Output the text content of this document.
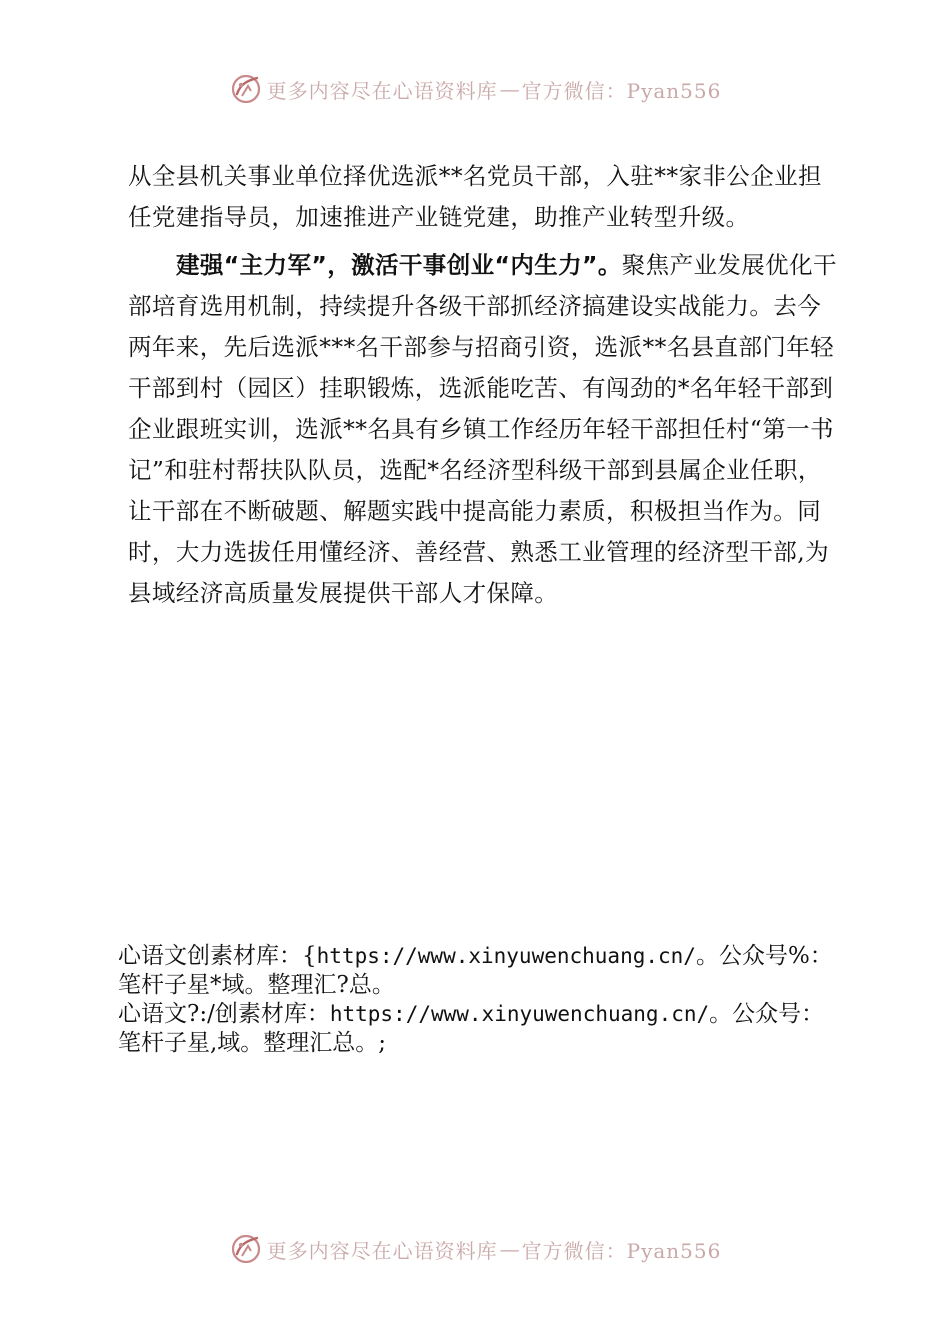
更多内容尽在心语资料库 — 官方微信：Pyan556

从全县机关事业单位择优选派**名党员干部，入驻**家非公企业担任党建指导员，加速推进产业链党建，助推产业转型升级。

建强“主力军”，激活干事创业“内生力”。聚焦产业发展优化干部培育选用机制，持续提升各级干部抓经济搞建设实战能力。去今两年来，先后选派***名干部参与招商引资，选派**名县直部门年轻干部到村（园区）挂职锻炼，选派能吃苦、有闯劲的*名年轻干部到企业跟班实训，选派**名具有乡镇工作经历年轻干部担任村“第一书记”和驻村帮扶队队员，选配*名经济型科级干部到县属企业任职，让干部在不断破题、解题实践中提高能力素质，积极担当作为。同时，大力选拔任用懂经济、善经营、熟悉工业管理的经济型干部,为县域经济高质量发展提供干部人才保障。

心语文创素材库：{https://www.xinyuwenchuang.cn/。公众号%：
笔杆子星*域。整理汇?总。
心语文?:/创素材库：https://www.xinyuwenchuang.cn/。公众号：
笔杆子星,域。整理汇总。;
更多内容尽在心语资料库 — 官方微信：Pyan556
